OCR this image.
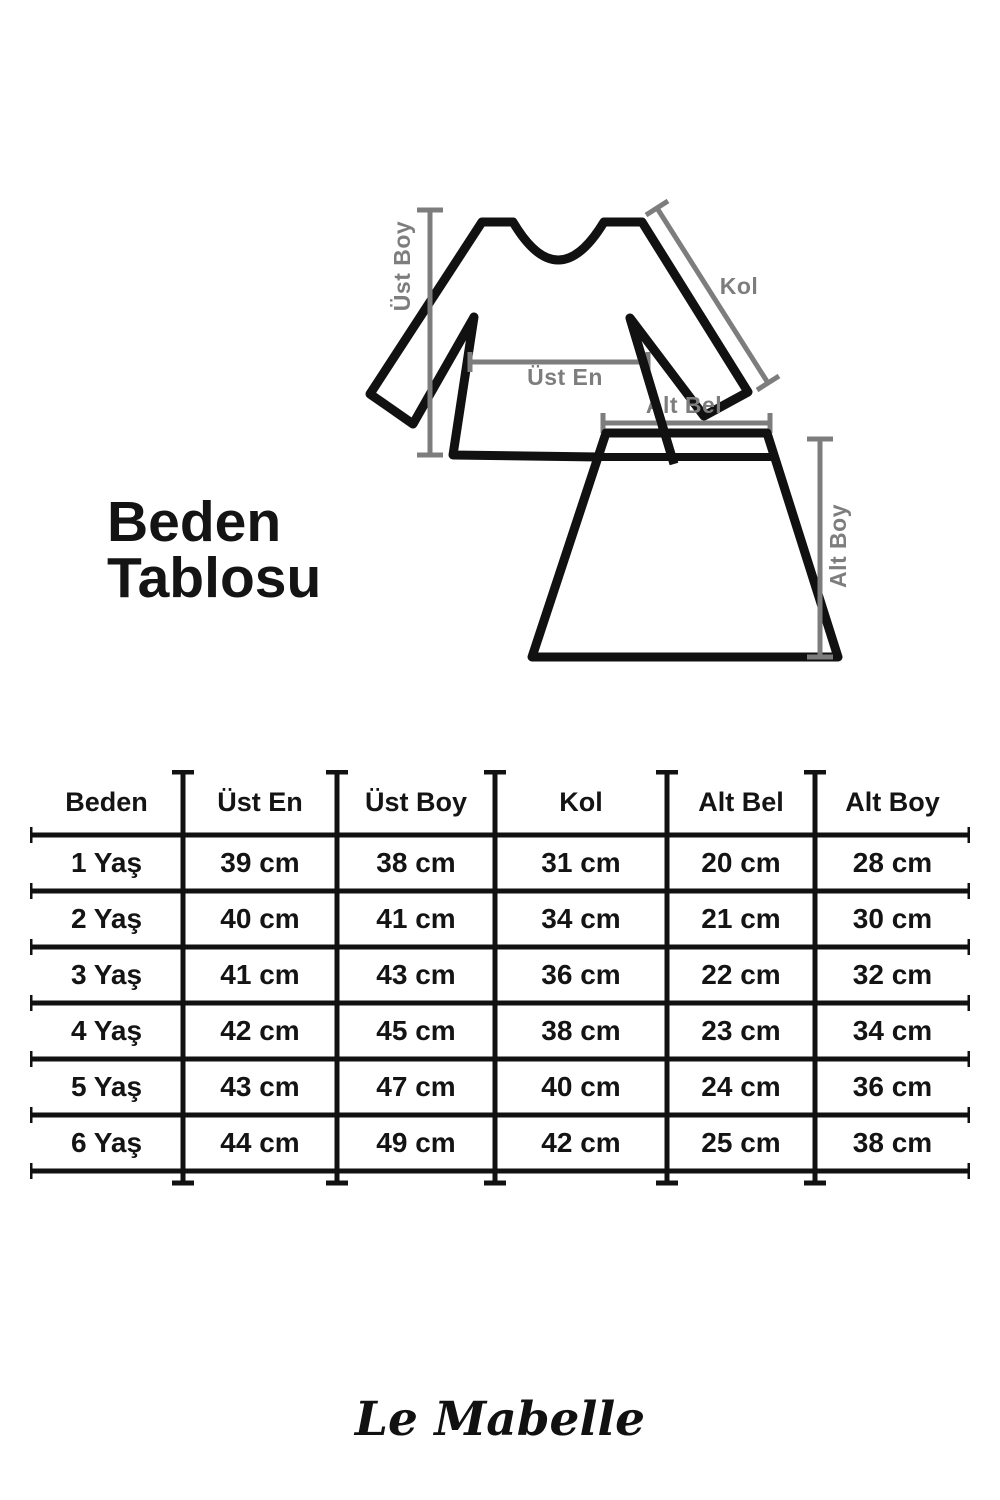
Üst Boy	Kol
Üst En
Alt Bel
Alt Boy
Beden
Tablosu
Beden	Üst En	Üst Boy	Kol	Alt Bel	Alt Boy
1 Yaş	39 cm	38 cm	31 cm	20 cm	28 cm
2 Yaş	40 cm	41 cm	34 cm	21 cm	30 cm
3 Yaş	41 cm	43 cm	36 cm	22 cm	32 cm
4 Yaş	42 cm	45 cm	38 cm	23 cm	34 cm
5 Yaş	43 cm	47 cm	40 cm	24 cm	36 cm
6 Yaş	44 cm	49 cm	42 cm	25 cm	38 cm
Le Mabelle
